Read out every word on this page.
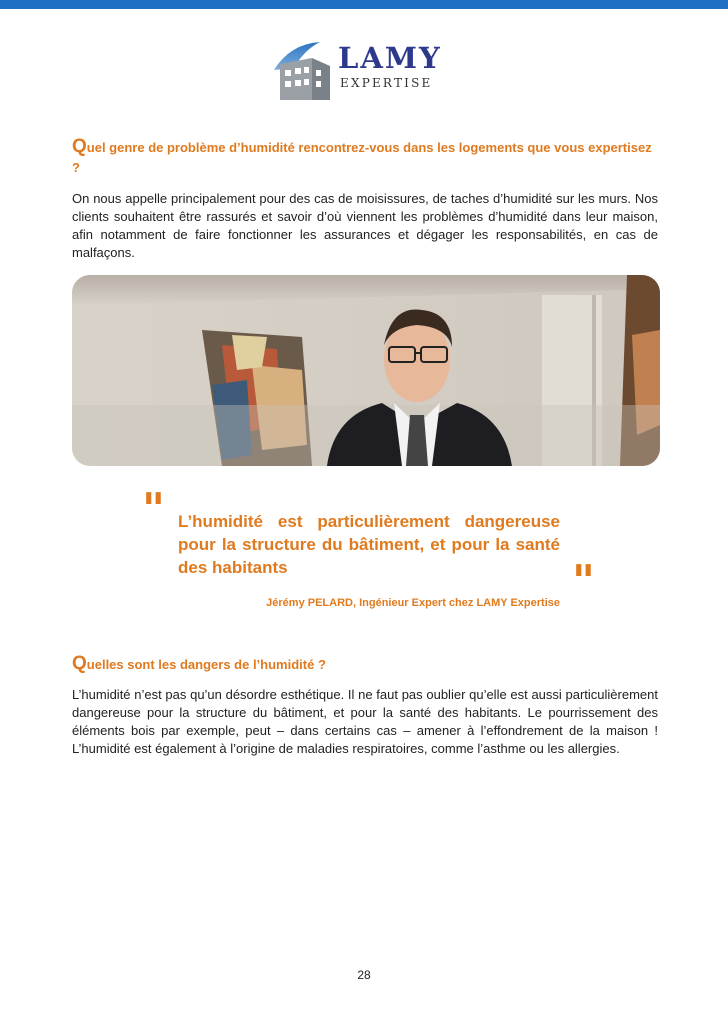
LAMY
EXPERTISE
Quel genre de problème d’humidité rencontrez-vous dans les logements que vous expertisez ?
On nous appelle principalement pour des cas de moisissures, de taches d’humidité sur les murs. Nos clients souhaitent être rassurés et savoir d’où viennent les problèmes d’humidité dans leur maison, afin notamment de faire fonctionner les assurances et dégager les responsabilités, en cas de malfaçons.
" L’humidité est particulièrement dangereuse pour la structure du bâtiment, et pour la santé des habitants	"
Jérémy PELARD, Ingénieur Expert chez LAMY Expertise
Quelles sont les dangers de l’humidité ?
L’humidité n’est pas qu’un désordre esthétique. Il ne faut pas oublier qu’elle est aussi particulièrement dangereuse pour la structure du bâtiment, et pour la santé des habitants. Le pourrissement des éléments bois par exemple, peut – dans certains cas – amener à l’effondrement de la maison ! L’humidité est également à l’origine de maladies respiratoires, comme l’asthme ou les allergies.
28
